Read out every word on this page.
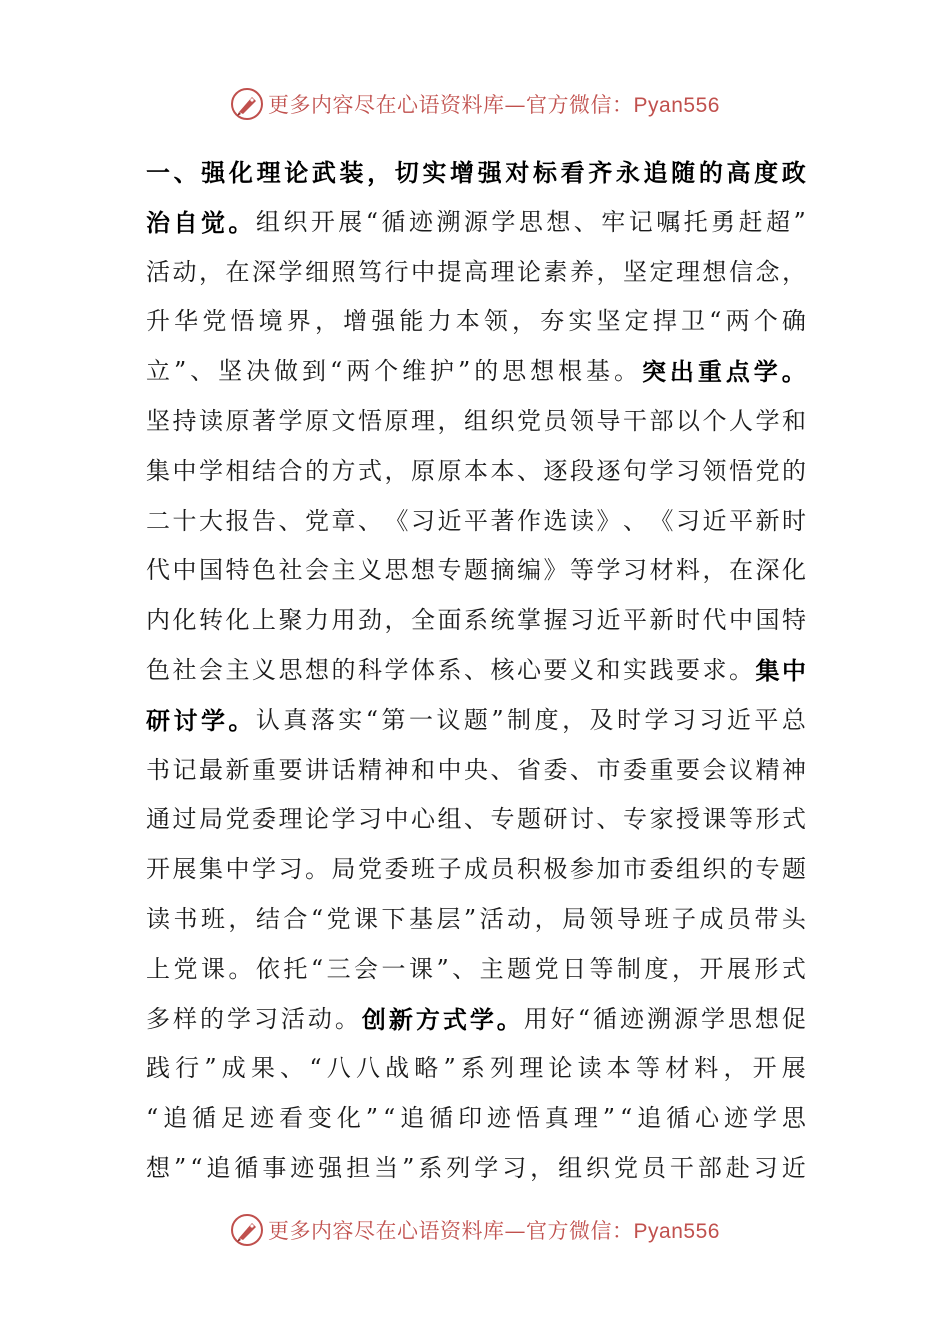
更多内容尽在心语资料库—官方微信：Pyan556
一 、 强 化 理 论 武 装 ， 切 实 增 强 对 标 看 齐 永 追 随 的 高 度 政
治 自 觉 。 组 织 开 展 “ 循 迹 溯 源 学 思 想 、 牢 记 嘱 托 勇 赶 超 ”
活 动 ， 在 深 学 细 照 笃 行 中 提 高 理 论 素 养 ， 坚 定 理 想 信 念 ，
升 华 党 悟 境 界 ， 增 强 能 力 本 领 ， 夯 实 坚 定 捍 卫 “ 两 个 确
立 ” 、 坚 决 做 到 “ 两 个 维 护 ” 的 思 想 根 基 。 突 出 重 点 学 。
坚 持 读 原 著 学 原 文 悟 原 理 ， 组 织 党 员 领 导 干 部 以 个 人 学 和
集 中 学 相 结 合 的 方 式 ， 原 原 本 本 、 逐 段 逐 句 学 习 领 悟 党 的
二 十 大 报 告 、 党 章 、 《 习 近 平 著 作 选 读 》 、 《 习 近 平 新 时
代 中 国 特 色 社 会 主 义 思 想 专 题 摘 编 》 等 学 习 材 料 ， 在 深 化
内 化 转 化 上 聚 力 用 劲 ， 全 面 系 统 掌 握 习 近 平 新 时 代 中 国 特
色 社 会 主 义 思 想 的 科 学 体 系 、 核 心 要 义 和 实 践 要 求 。 集 中
研 讨 学 。 认 真 落 实 “ 第 一 议 题 ” 制 度 ， 及 时 学 习 习 近 平 总
书 记 最 新 重 要 讲 话 精 神 和 中 央 、 省 委 、 市 委 重 要 会 议 精 神
通 过 局 党 委 理 论 学 习 中 心 组 、 专 题 研 讨 、 专 家 授 课 等 形 式
开 展 集 中 学 习 。 局 党 委 班 子 成 员 积 极 参 加 市 委 组 织 的 专 题
读 书 班 ， 结 合 “ 党 课 下 基 层 ” 活 动 ， 局 领 导 班 子 成 员 带 头
上 党 课 。 依 托 “ 三 会 一 课 ” 、 主 题 党 日 等 制 度 ， 开 展 形 式
多 样 的 学 习 活 动 。 创 新 方 式 学 。 用 好 “ 循 迹 溯 源 学 思 想 促
践 行 ” 成 果 、 “ 八 八 战 略 ” 系 列 理 论 读 本 等 材 料 ， 开 展
“ 追 循 足 迹 看 变 化 ” “ 追 循 印 迹 悟 真 理 ” “ 追 循 心 迹 学 思
想 ” “ 追 循 事 迹 强 担 当 ” 系 列 学 习 ， 组 织 党 员 干 部 赴 习 近
更多内容尽在心语资料库—官方微信：Pyan556
